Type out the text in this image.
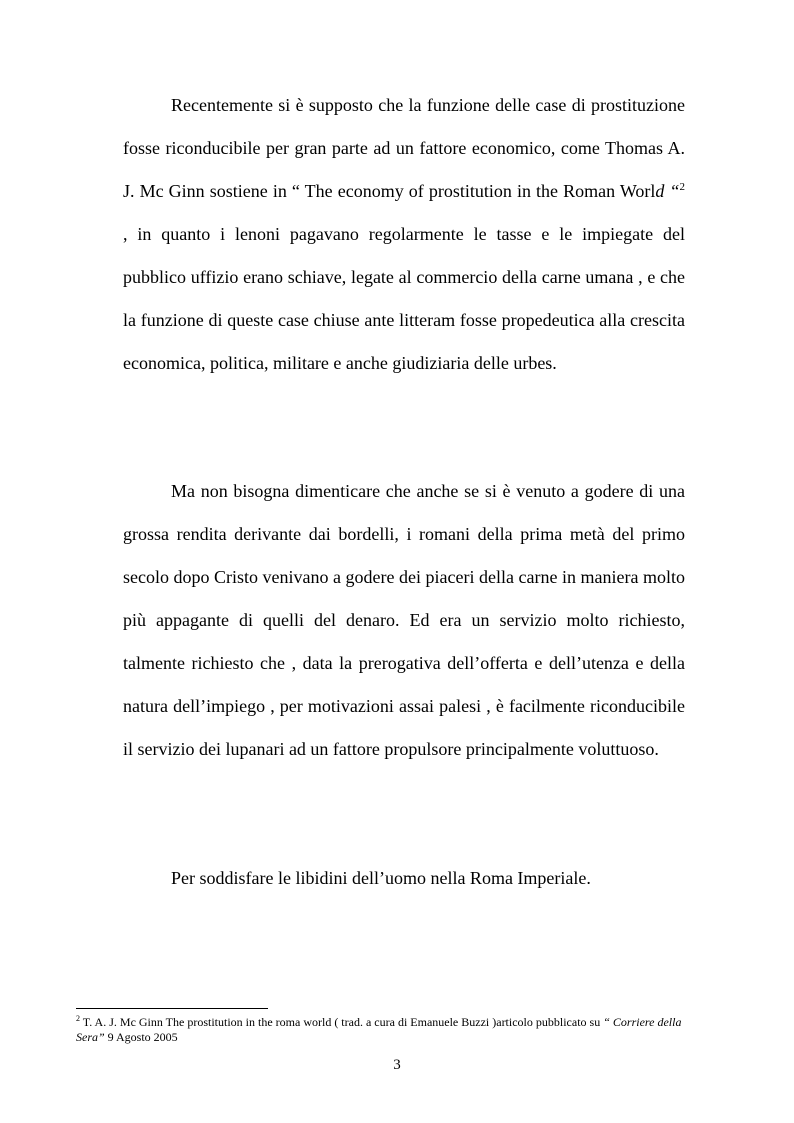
Recentemente si è supposto che la funzione delle case di prostituzione fosse riconducibile per gran parte ad un fattore economico, come Thomas A. J. Mc Ginn sostiene in “ The economy of prostitution in the Roman World “$^2$ , in quanto i lenoni pagavano regolarmente le tasse e le impiegate del pubblico uffizio erano schiave, legate al commercio della carne umana , e che la funzione di queste case chiuse ante litteram fosse propedeutica alla crescita economica, politica, militare e anche giudiziaria delle urbes.

Ma non bisogna dimenticare che anche se si è venuto a godere di una grossa rendita derivante dai bordelli, i romani della prima metà del primo secolo dopo Cristo venivano a godere dei piaceri della carne in maniera molto più appagante di quelli del denaro. Ed era un servizio molto richiesto, talmente richiesto che , data la prerogativa dell’offerta e dell’utenza e della natura dell’impiego , per motivazioni assai palesi , è facilmente riconducibile il servizio dei lupanari ad un fattore propulsore principalmente voluttuoso.

Per soddisfare le libidini dell’uomo nella Roma Imperiale.

$^2$ T. A. J. Mc Ginn The prostitution in the roma world ( trad. a cura di Emanuele Buzzi )articolo pubblicato su “ Corriere della Sera” 9 Agosto 2005

3
